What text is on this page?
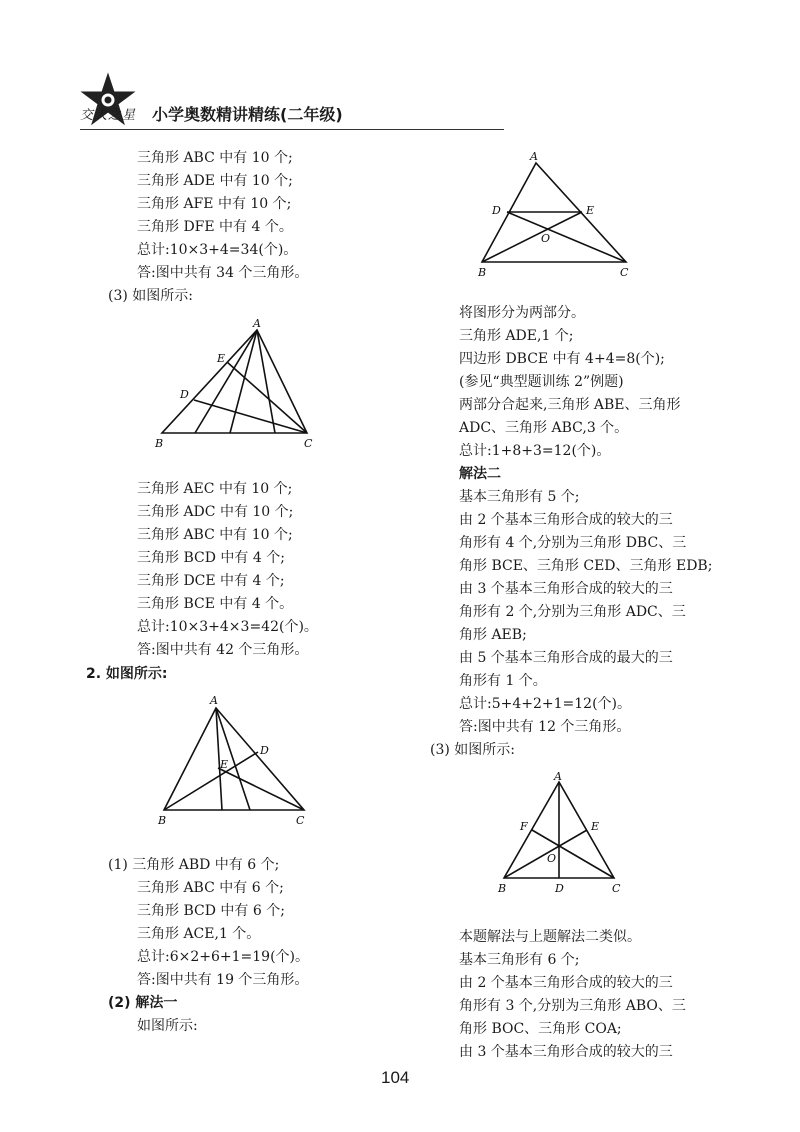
交大之星 小学奥数精讲精练(二年级)
三角形 ABC 中有 10 个;
三角形 ADE 中有 10 个;
三角形 AFE 中有 10 个;
三角形 DFE 中有 4 个。
总计:10×3+4=34(个)。
答:图中共有 34 个三角形。
(3) 如图所示:
A
E
D
B	C
三角形 AEC 中有 10 个;
三角形 ADC 中有 10 个;
三角形 ABC 中有 10 个;
三角形 BCD 中有 4 个;
三角形 DCE 中有 4 个;
三角形 BCE 中有 4 个。
总计:10×3+4×3=42(个)。
答:图中共有 42 个三角形。
2. 如图所示:
A
D
E
B	C
(1) 三角形 ABD 中有 6 个;
三角形 ABC 中有 6 个;
三角形 BCD 中有 6 个;
三角形 ACE,1 个。
总计:6×2+6+1=19(个)。
答:图中共有 19 个三角形。
(2) 解法一
如图所示:
A
D	E
O
B	C
将图形分为两部分。
三角形 ADE,1 个;
四边形 DBCE 中有 4+4=8(个);
(参见“典型题训练 2”例题)
两部分合起来,三角形 ABE、三角形
ADC、三角形 ABC,3 个。
总计:1+8+3=12(个)。
解法二
基本三角形有 5 个;
由 2 个基本三角形合成的较大的三
角形有 4 个,分别为三角形 DBC、三
角形 BCE、三角形 CED、三角形 EDB;
由 3 个基本三角形合成的较大的三
角形有 2 个,分别为三角形 ADC、三
角形 AEB;
由 5 个基本三角形合成的最大的三
角形有 1 个。
总计:5+4+2+1=12(个)。
答:图中共有 12 个三角形。
(3) 如图所示:
A
F	E
O
B	D	C
本题解法与上题解法二类似。
基本三角形有 6 个;
由 2 个基本三角形合成的较大的三
角形有 3 个,分别为三角形 ABO、三
角形 BOC、三角形 COA;
由 3 个基本三角形合成的较大的三
104
